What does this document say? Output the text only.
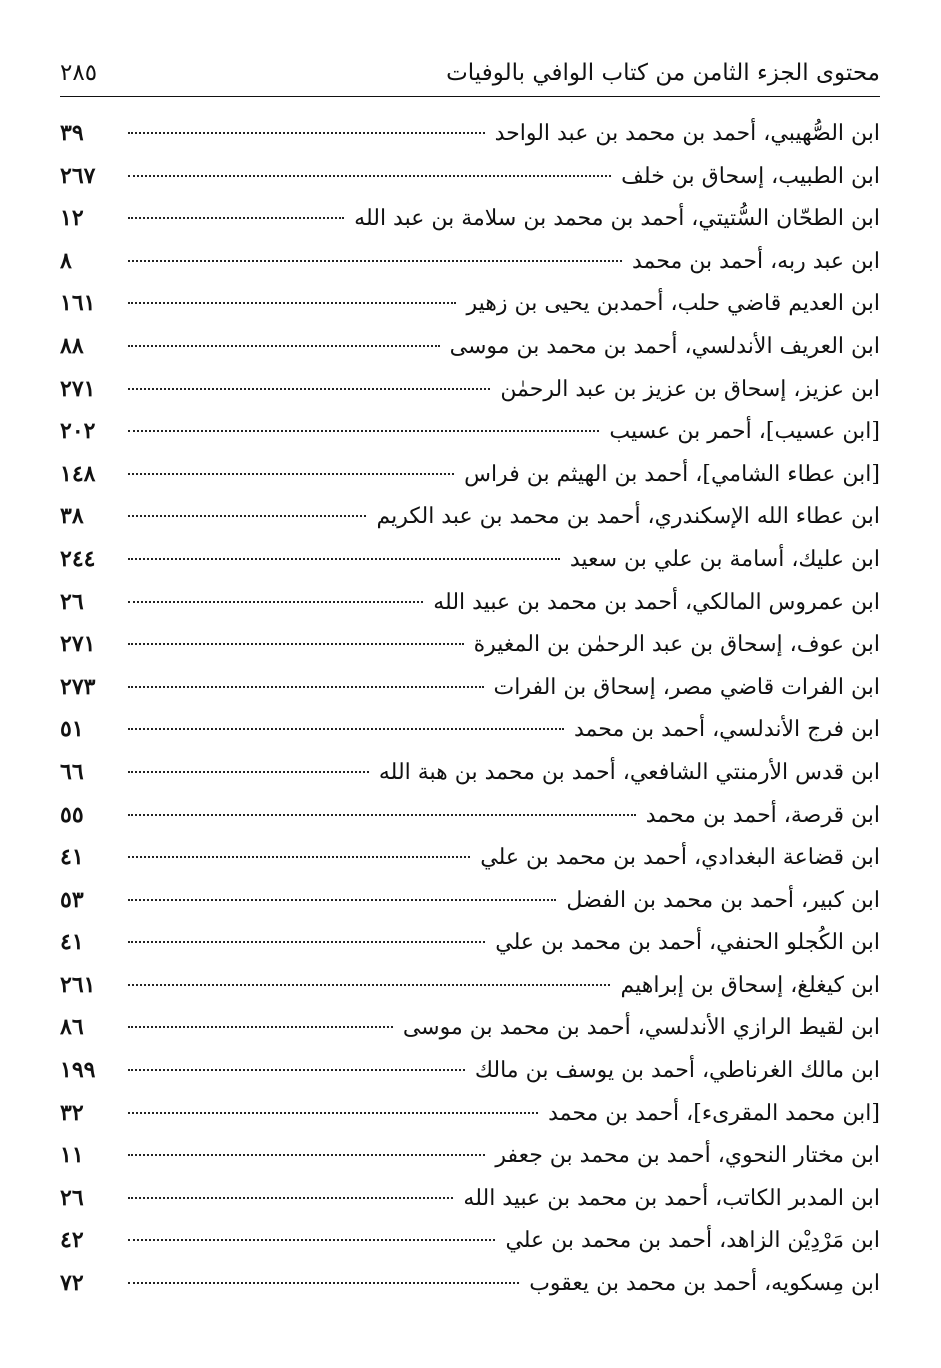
محتوى الجزء الثامن من كتاب الوافي بالوفيات
٢٨٥
ابن الصُّهيبي، أحمد بن محمد بن عبد الواحد
٣٩
ابن الطبيب، إسحاق بن خلف
٢٦٧
ابن الطحّان السُّتيتي، أحمد بن محمد بن سلامة بن عبد الله
١٢
ابن عبد ربه، أحمد بن محمد
٨
ابن العديم قاضي حلب، أحمدبن يحيى بن زهير
١٦١
ابن العريف الأندلسي، أحمد بن محمد بن موسى
٨٨
ابن عزيز، إسحاق بن عزيز بن عبد الرحمٰن
٢٧١
[ابن عسيب]، أحمر بن عسيب
٢٠٢
[ابن عطاء الشامي]، أحمد بن الهيثم بن فراس
١٤٨
ابن عطاء الله الإسكندري، أحمد بن محمد بن عبد الكريم
٣٨
ابن عليك، أسامة بن علي بن سعيد
٢٤٤
ابن عمروس المالكي، أحمد بن محمد بن عبيد الله
٢٦
ابن عوف، إسحاق بن عبد الرحمٰن بن المغيرة
٢٧١
ابن الفرات قاضي مصر، إسحاق بن الفرات
٢٧٣
ابن فرج الأندلسي، أحمد بن محمد
٥١
ابن قدس الأرمنتي الشافعي، أحمد بن محمد بن هبة الله
٦٦
ابن قرصة، أحمد بن محمد
٥٥
ابن قضاعة البغدادي، أحمد بن محمد بن علي
٤١
ابن كبير، أحمد بن محمد بن الفضل
٥٣
ابن الكُجلو الحنفي، أحمد بن محمد بن علي
٤١
ابن كيغلغ، إسحاق بن إبراهيم
٢٦١
ابن لقيط الرازي الأندلسي، أحمد بن محمد بن موسى
٨٦
ابن مالك الغرناطي، أحمد بن يوسف بن مالك
١٩٩
[ابن محمد المقرىء]، أحمد بن محمد
٣٢
ابن مختار النحوي، أحمد بن محمد بن جعفر
١١
ابن المدبر الكاتب، أحمد بن محمد بن عبيد الله
٢٦
ابن مَرْدِيْن الزاهد، أحمد بن محمد بن علي
٤٢
ابن مِسكويه، أحمد بن محمد بن يعقوب
٧٢
